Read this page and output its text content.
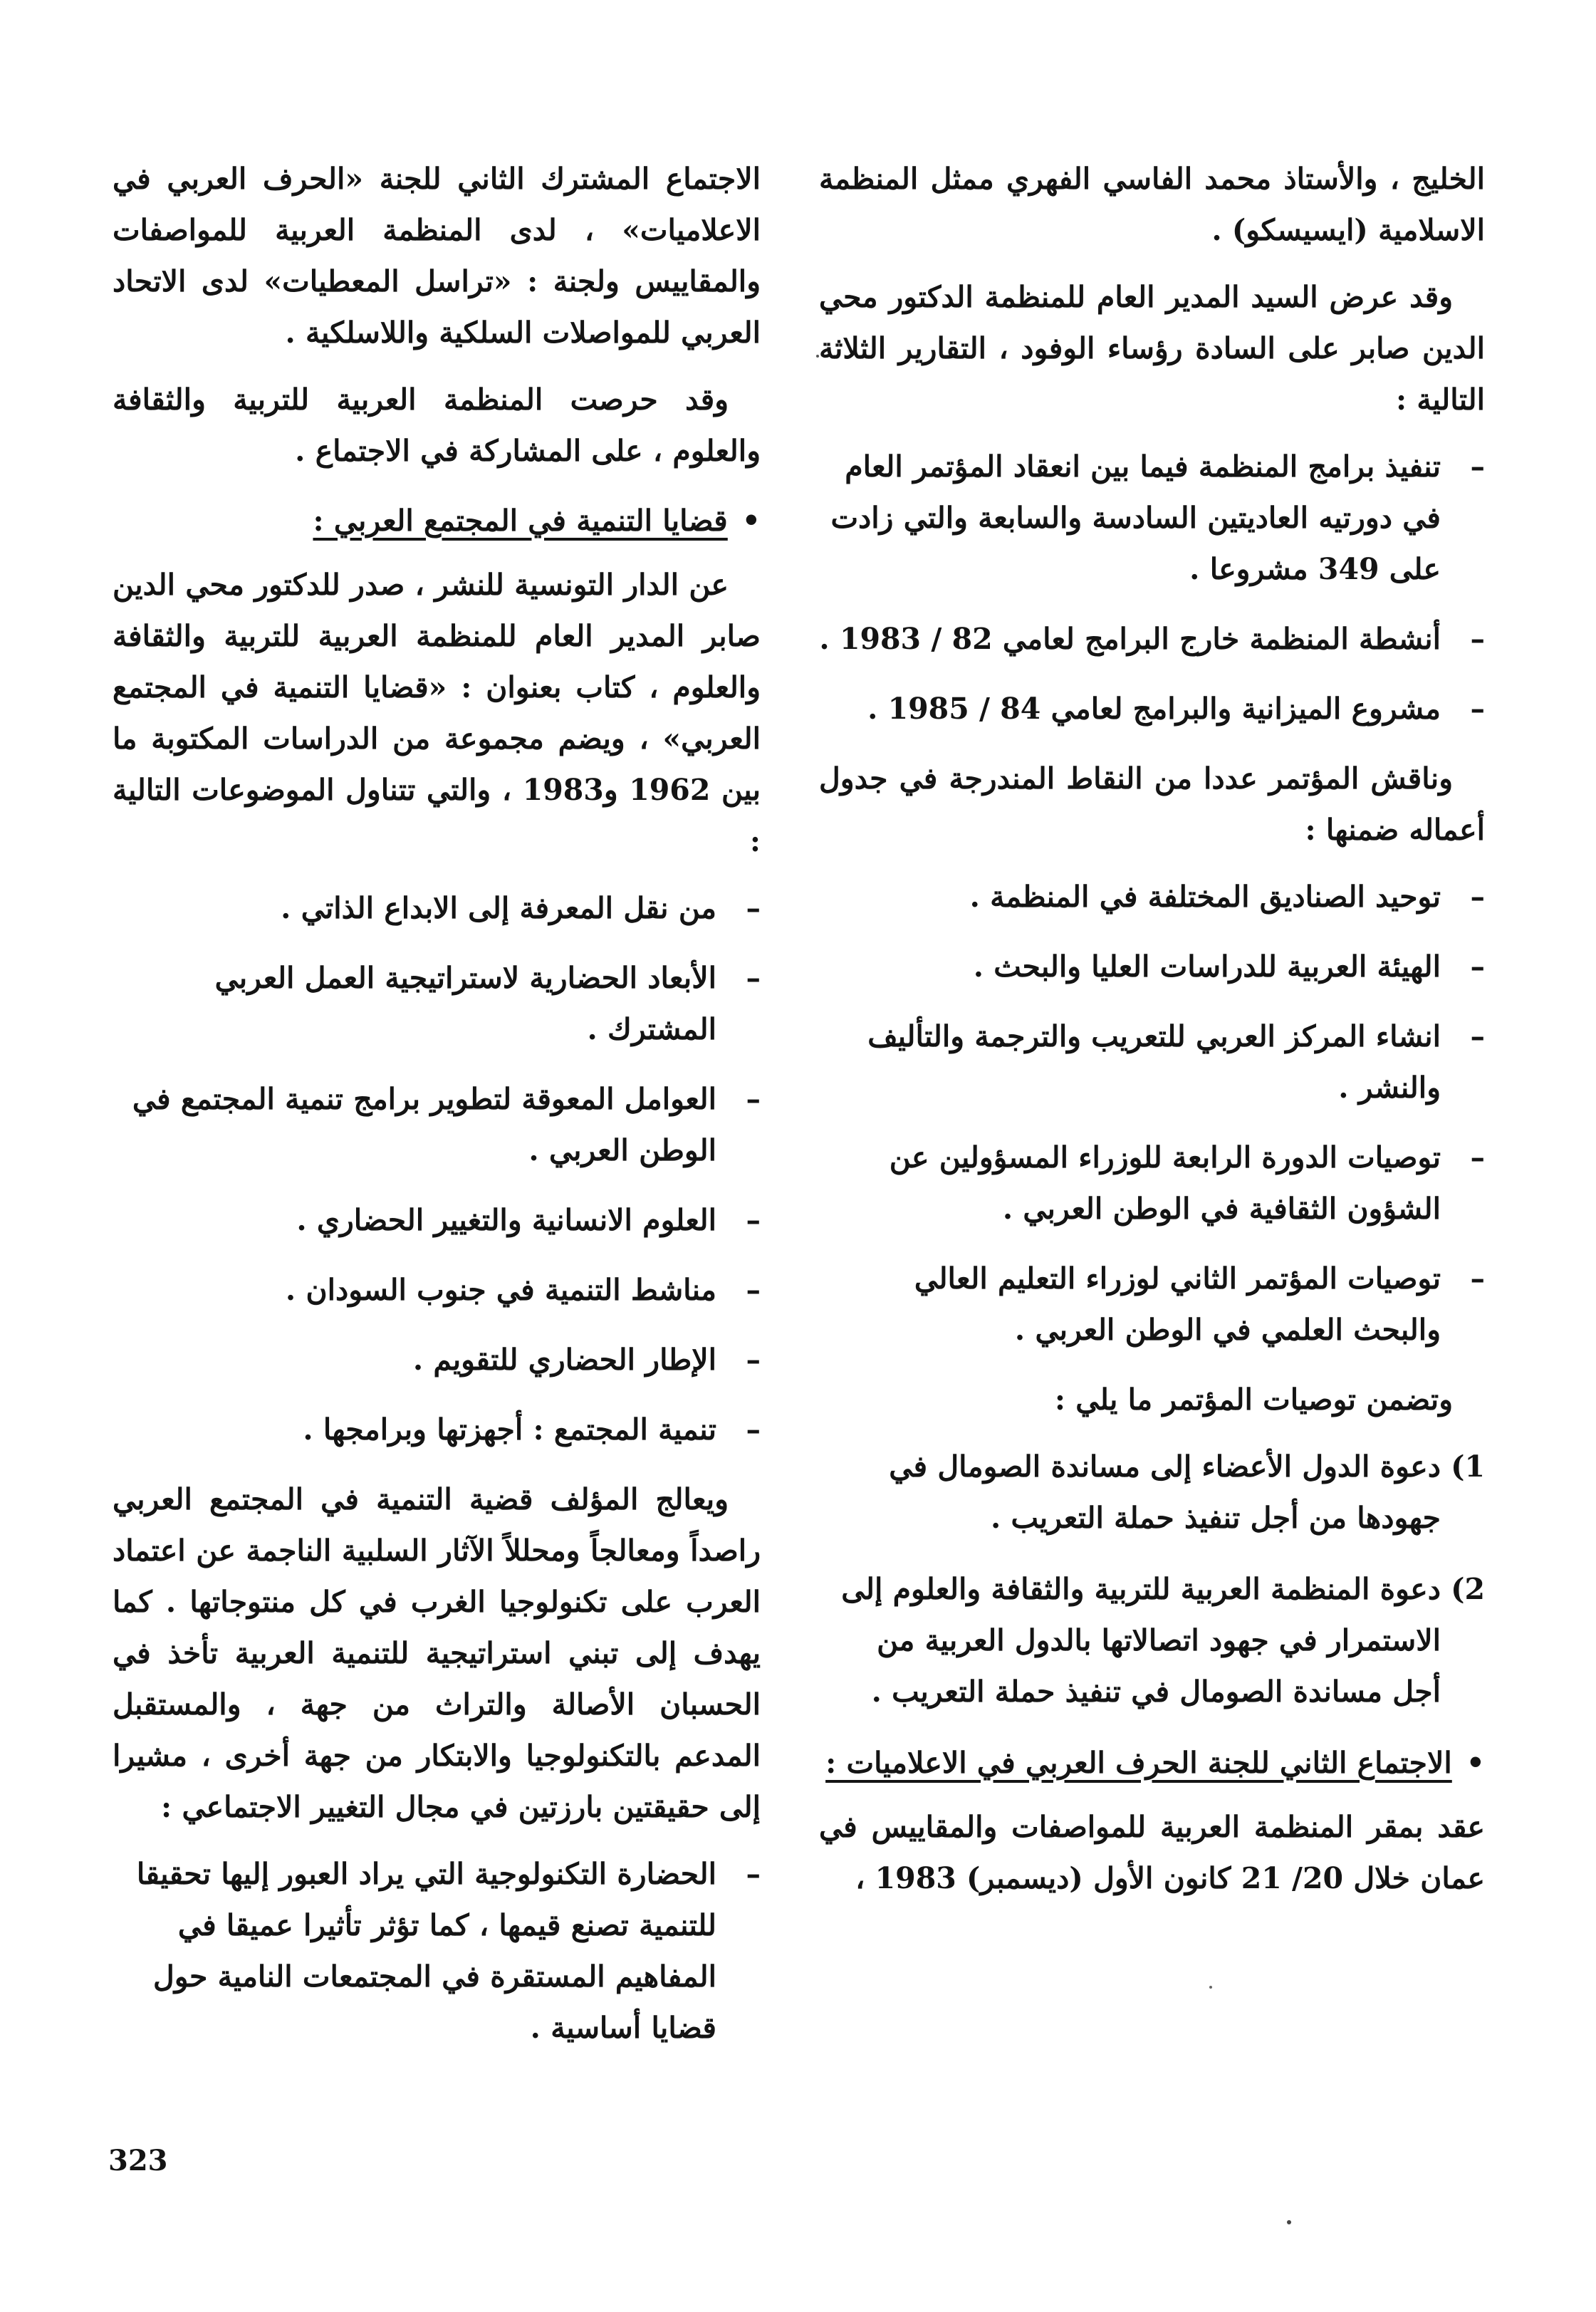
الخليج ، والأستاذ محمد الفاسي الفهري ممثل المنظمة الاسلامية (ايسيسكو) .

وقد عرض السيد المدير العام للمنظمة الدكتور محي الدين صابر على السادة رؤساء الوفود ، التقارير الثلاثة التالية :

– تنفيذ برامج المنظمة فيما بين انعقاد المؤتمر العام في دورتيه العاديتين السادسة والسابعة والتي زادت على 349 مشروعا .
– أنشطة المنظمة خارج البرامج لعامي 82 / 1983 .
– مشروع الميزانية والبرامج لعامي 84 / 1985 .

وناقش المؤتمر عددا من النقاط المندرجة في جدول أعماله ضمنها :

– توحيد الصناديق المختلفة في المنظمة .
– الهيئة العربية للدراسات العليا والبحث .
– انشاء المركز العربي للتعريب والترجمة والتأليف والنشر .
– توصيات الدورة الرابعة للوزراء المسؤولين عن الشؤون الثقافية في الوطن العربي .
– توصيات المؤتمر الثاني لوزراء التعليم العالي والبحث العلمي في الوطن العربي .

وتضمن توصيات المؤتمر ما يلي :

1)
دعوة الدول الأعضاء إلى مساندة الصومال في جهودها من أجل تنفيذ حملة التعريب .
2)
دعوة المنظمة العربية للتربية والثقافة والعلوم إلى الاستمرار في جهود اتصالاتها بالدول العربية من أجل مساندة الصومال في تنفيذ حملة التعريب .
•الاجتماع الثاني للجنة الحرف العربي في الاعلاميات :

عقد بمقر المنظمة العربية للمواصفات والمقاييس في عمان خلال 20/ 21 كانون الأول (ديسمبر) 1983 ،

الاجتماع المشترك الثاني للجنة «الحرف العربي في الاعلاميات» ، لدى المنظمة العربية للمواصفات والمقاييس ولجنة : «تراسل المعطيات» لدى الاتحاد العربي للمواصلات السلكية واللاسلكية .

وقد حرصت المنظمة العربية للتربية والثقافة والعلوم ، على المشاركة في الاجتماع .

•قضايا التنمية في المجتمع العربي :

عن الدار التونسية للنشر ، صدر للدكتور محي الدين صابر المدير العام للمنظمة العربية للتربية والثقافة والعلوم ، كتاب بعنوان : «قضايا التنمية في المجتمع العربي» ، ويضم مجموعة من الدراسات المكتوبة ما بين 1962 و1983 ، والتي تتناول الموضوعات التالية :

– من نقل المعرفة إلى الابداع الذاتي .
– الأبعاد الحضارية لاستراتيجية العمل العربي المشترك .
– العوامل المعوقة لتطوير برامج تنمية المجتمع في الوطن العربي .
– العلوم الانسانية والتغيير الحضاري .
– مناشط التنمية في جنوب السودان .
– الإطار الحضاري للتقويم .
– تنمية المجتمع : أجهزتها وبرامجها .

ويعالج المؤلف قضية التنمية في المجتمع العربي راصداً ومعالجاً ومحللاً الآثار السلبية الناجمة عن اعتماد العرب على تكنولوجيا الغرب في كل منتوجاتها . كما يهدف إلى تبني استراتيجية للتنمية العربية تأخذ في الحسبان الأصالة والتراث من جهة ، والمستقبل المدعم بالتكنولوجيا والابتكار من جهة أخرى ، مشيرا إلى حقيقتين بارزتين في مجال التغيير الاجتماعي :

– الحضارة التكنولوجية التي يراد العبور إليها تحقيقا للتنمية تصنع قيمها ، كما تؤثر تأثيرا عميقا في المفاهيم المستقرة في المجتمعات النامية حول قضايا أساسية .
323
